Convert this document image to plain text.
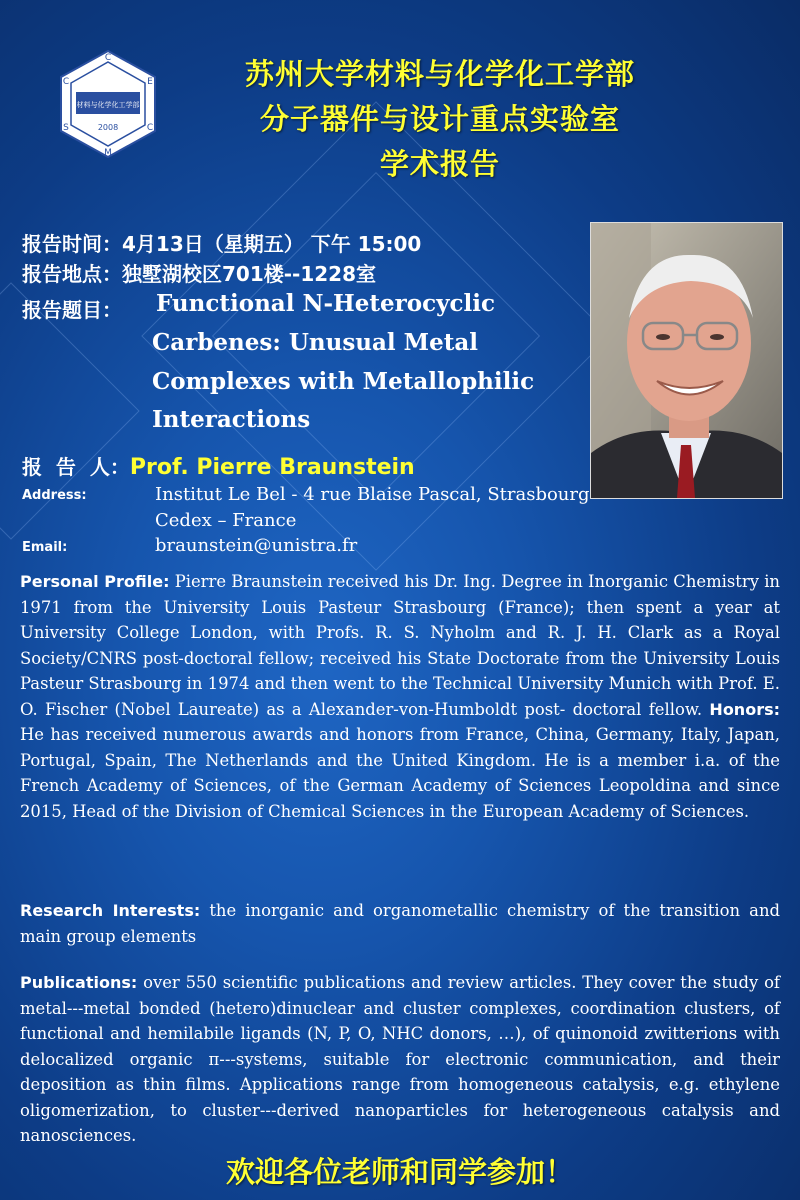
C
C
S
M
C
E
材料与化学化工学部
2008
苏州大学材料与化学化工学部
分子器件与设计重点实验室
学术报告
报告时间：4月13日（星期五） 下午 15:00
报告地点：独墅湖校区701楼--1228室
报告题目： Functional N-Heterocyclic
Carbenes: Unusual Metal
Complexes with Metallophilic
Interactions
报  告  人：Prof. Pierre Braunstein
Address:	Institut Le Bel - 4 rue Blaise Pascal, Strasbourg
Cedex – France
Email:	braunstein@unistra.fr
Personal Profile: Pierre Braunstein received his Dr. Ing. Degree in Inorganic Chemistry in 1971 from the University Louis Pasteur Strasbourg (France); then spent a year at University College London, with Profs. R. S. Nyholm and R. J. H. Clark as a Royal Society/CNRS post-doctoral fellow; received his State Doctorate from the University Louis Pasteur Strasbourg in 1974 and then went to the Technical University Munich with Prof. E. O. Fischer (Nobel Laureate) as a Alexander-von-Humboldt post- doctoral fellow. Honors: He has received numerous awards and honors from France, China, Germany, Italy, Japan, Portugal, Spain, The Netherlands and the United Kingdom. He is a member i.a. of the French Academy of Sciences, of the German Academy of Sciences Leopoldina and since 2015, Head of the Division of Chemical Sciences in the European Academy of Sciences.
Research Interests: the inorganic and organometallic chemistry of the transition and main group elements
Publications: over 550 scientific publications and review articles. They cover the study of metal---metal bonded (hetero)dinuclear and cluster complexes, coordination clusters, of functional and hemilabile ligands (N, P, O, NHC donors, …), of quinonoid zwitterions with delocalized organic π---systems, suitable for electronic communication, and their deposition as thin films. Applications range from homogeneous catalysis, e.g. ethylene oligomerization, to cluster---derived nanoparticles for heterogeneous catalysis and nanosciences.
欢迎各位老师和同学参加！
